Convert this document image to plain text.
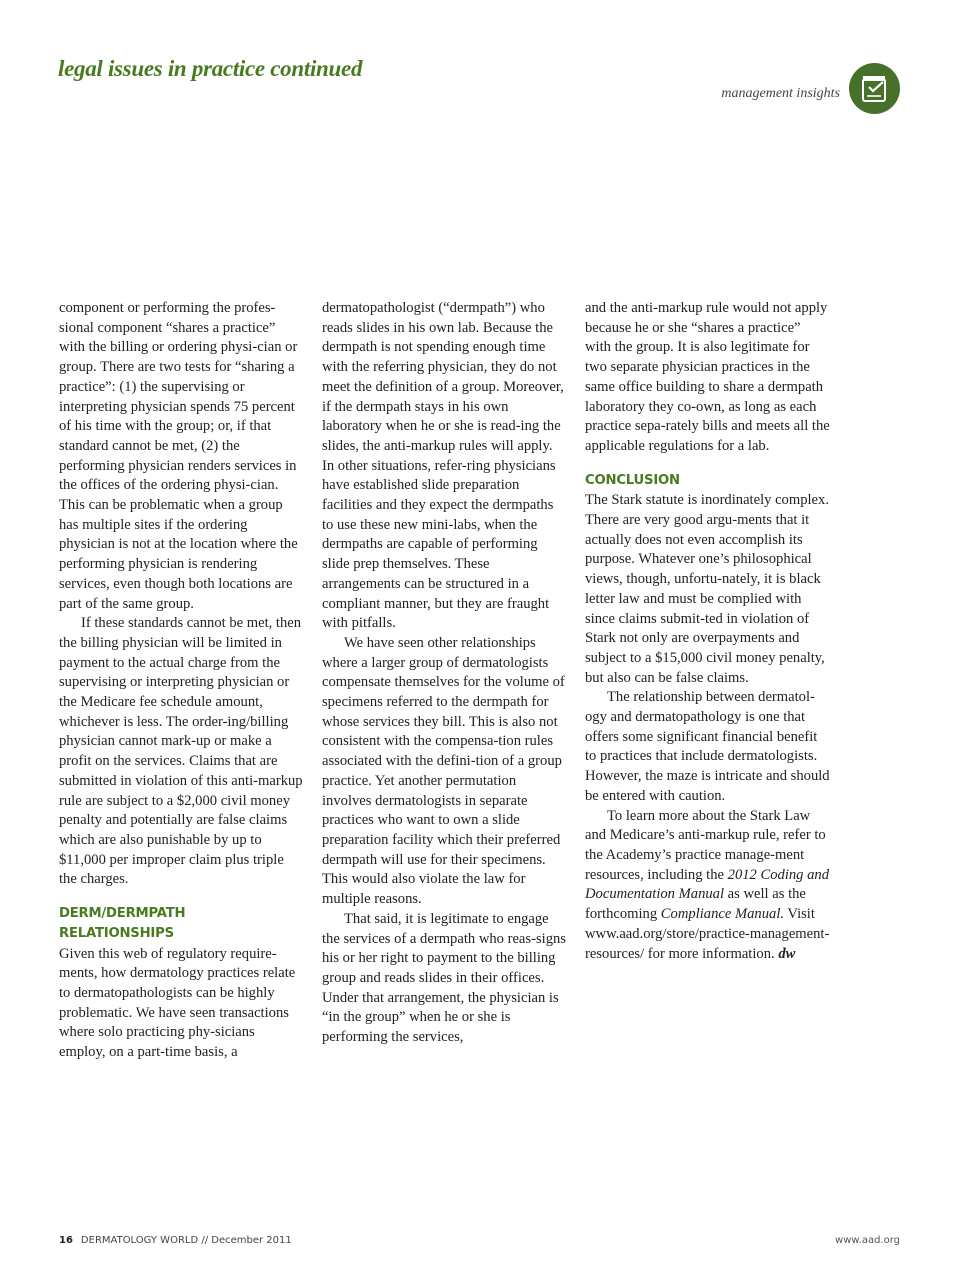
legal issues in practice continued
management insights

component or performing the profes-sional component “shares a practice” with the billing or ordering physi-cian or group. There are two tests for “sharing a practice”: (1) the supervising or interpreting physician spends 75 percent of his time with the group; or, if that standard cannot be met, (2) the performing physician renders services in the offices of the ordering physi-cian. This can be problematic when a group has multiple sites if the ordering physician is not at the location where the performing physician is rendering services, even though both locations are part of the same group.

If these standards cannot be met, then the billing physician will be limited in payment to the actual charge from the supervising or interpreting physician or the Medicare fee schedule amount, whichever is less. The order-ing/billing physician cannot mark-up or make a profit on the services. Claims that are submitted in violation of this anti-markup rule are subject to a $2,000 civil money penalty and potentially are false claims which are also punishable by up to $11,000 per improper claim plus triple the charges.

DERM/DERMPATH RELATIONSHIPS

Given this web of regulatory require-ments, how dermatology practices relate to dermatopathologists can be highly problematic. We have seen transactions where solo practicing phy-sicians employ, on a part-time basis, a

dermatopathologist (“dermpath”) who reads slides in his own lab. Because the dermpath is not spending enough time with the referring physician, they do not meet the definition of a group. Moreover, if the dermpath stays in his own laboratory when he or she is read-ing the slides, the anti-markup rules will apply. In other situations, refer-ring physicians have established slide preparation facilities and they expect the dermpaths to use these new mini-labs, when the dermpaths are capable of performing slide prep themselves. These arrangements can be structured in a compliant manner, but they are fraught with pitfalls.

We have seen other relationships where a larger group of dermatologists compensate themselves for the volume of specimens referred to the dermpath for whose services they bill. This is also not consistent with the compensa-tion rules associated with the defini-tion of a group practice. Yet another permutation involves dermatologists in separate practices who want to own a slide preparation facility which their preferred dermpath will use for their specimens. This would also violate the law for multiple reasons.

That said, it is legitimate to engage the services of a dermpath who reas-signs his or her right to payment to the billing group and reads slides in their offices. Under that arrangement, the physician is “in the group” when he or she is performing the services,

and the anti-markup rule would not apply because he or she “shares a practice” with the group. It is also legitimate for two separate physician practices in the same office building to share a dermpath laboratory they co-own, as long as each practice sepa-rately bills and meets all the applicable regulations for a lab.

CONCLUSION

The Stark statute is inordinately complex. There are very good argu-ments that it actually does not even accomplish its purpose. Whatever one’s philosophical views, though, unfortu-nately, it is black letter law and must be complied with since claims submit-ted in violation of Stark not only are overpayments and subject to a $15,000 civil money penalty, but also can be false claims.

The relationship between dermatol-ogy and dermatopathology is one that offers some significant financial benefit to practices that include dermatologists. However, the maze is intricate and should be entered with caution.

To learn more about the Stark Law and Medicare’s anti-markup rule, refer to the Academy’s practice manage-ment resources, including the 2012 Coding and Documentation Manual as well as the forthcoming Compliance Manual. Visit www.aad.org/store/practice-management-resources/ for more information. dw

16 DERMATOLOGY WORLD // December 2011	www.aad.org
